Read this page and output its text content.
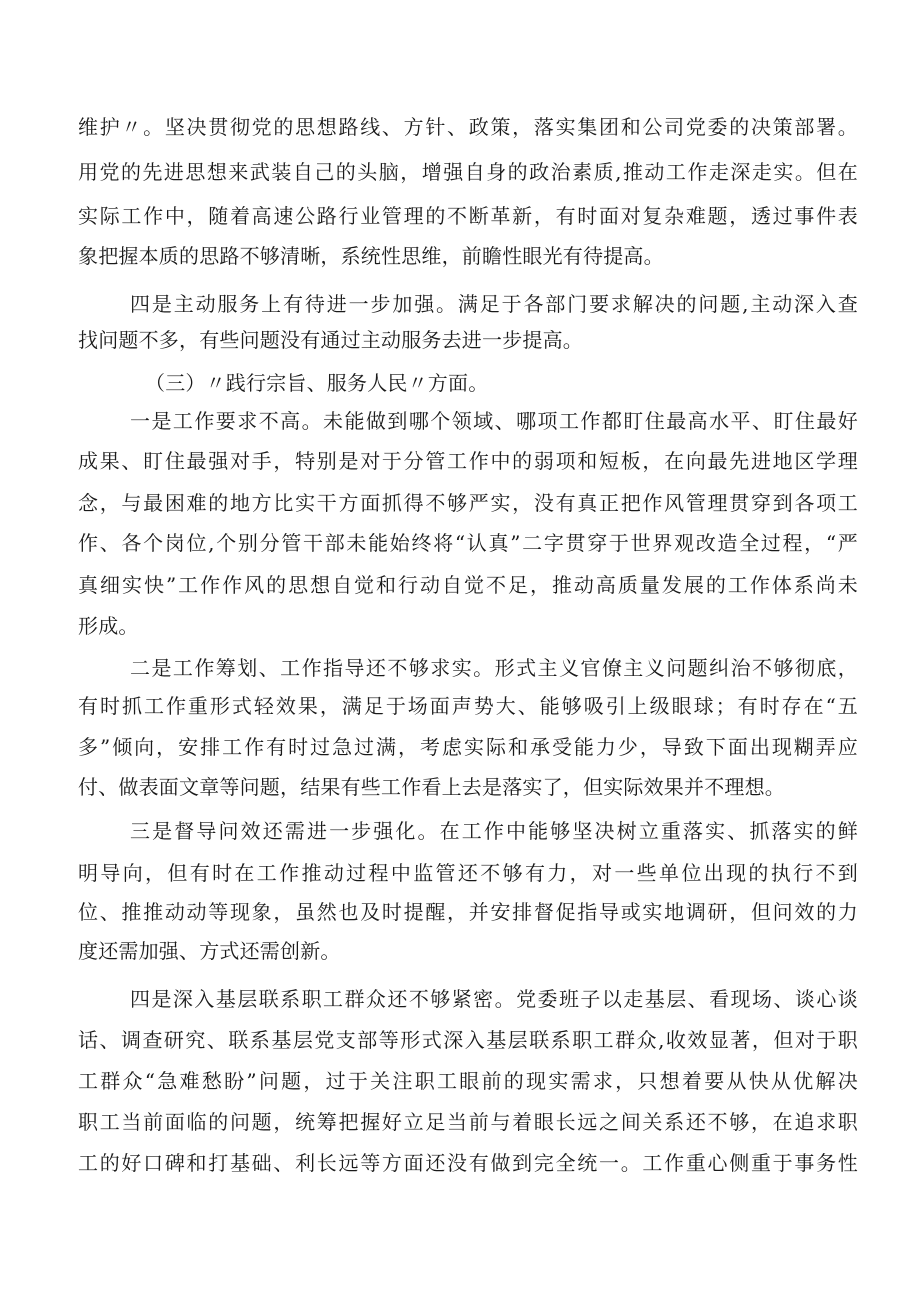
维护〃。坚决贯彻党的思想路线、方针、政策，落实集团和公司党委的决策部署。
用党的先进思想来武装自己的头脑，增强自身的政治素质,推动工作走深走实。但在
实际工作中，随着高速公路行业管理的不断革新，有时面对复杂难题，透过事件表
象把握本质的思路不够清晰，系统性思维，前瞻性眼光有待提高。
四是主动服务上有待进一步加强。满足于各部门要求解决的问题,主动深入查
找问题不多，有些问题没有通过主动服务去进一步提高。
（三）〃践行宗旨、服务人民〃方面。
一是工作要求不高。未能做到哪个领域、哪项工作都盯住最高水平、盯住最好
成果、盯住最强对手，特别是对于分管工作中的弱项和短板，在向最先进地区学理
念，与最困难的地方比实干方面抓得不够严实，没有真正把作风管理贯穿到各项工
作、各个岗位,个别分管干部未能始终将“认真”二字贯穿于世界观改造全过程，“严
真细实快”工作作风的思想自觉和行动自觉不足，推动高质量发展的工作体系尚未
形成。
二是工作筹划、工作指导还不够求实。形式主义官僚主义问题纠治不够彻底，
有时抓工作重形式轻效果，满足于场面声势大、能够吸引上级眼球；有时存在“五
多”倾向，安排工作有时过急过满，考虑实际和承受能力少，导致下面出现糊弄应
付、做表面文章等问题，结果有些工作看上去是落实了，但实际效果并不理想。
三是督导问效还需进一步强化。在工作中能够坚决树立重落实、抓落实的鲜
明导向，但有时在工作推动过程中监管还不够有力，对一些单位出现的执行不到
位、推推动动等现象，虽然也及时提醒，并安排督促指导或实地调研，但问效的力
度还需加强、方式还需创新。
四是深入基层联系职工群众还不够紧密。党委班子以走基层、看现场、谈心谈
话、调查研究、联系基层党支部等形式深入基层联系职工群众,收效显著，但对于职
工群众“急难愁盼”问题，过于关注职工眼前的现实需求，只想着要从快从优解决
职工当前面临的问题，统筹把握好立足当前与着眼长远之间关系还不够，在追求职
工的好口碑和打基础、利长远等方面还没有做到完全统一。工作重心侧重于事务性
